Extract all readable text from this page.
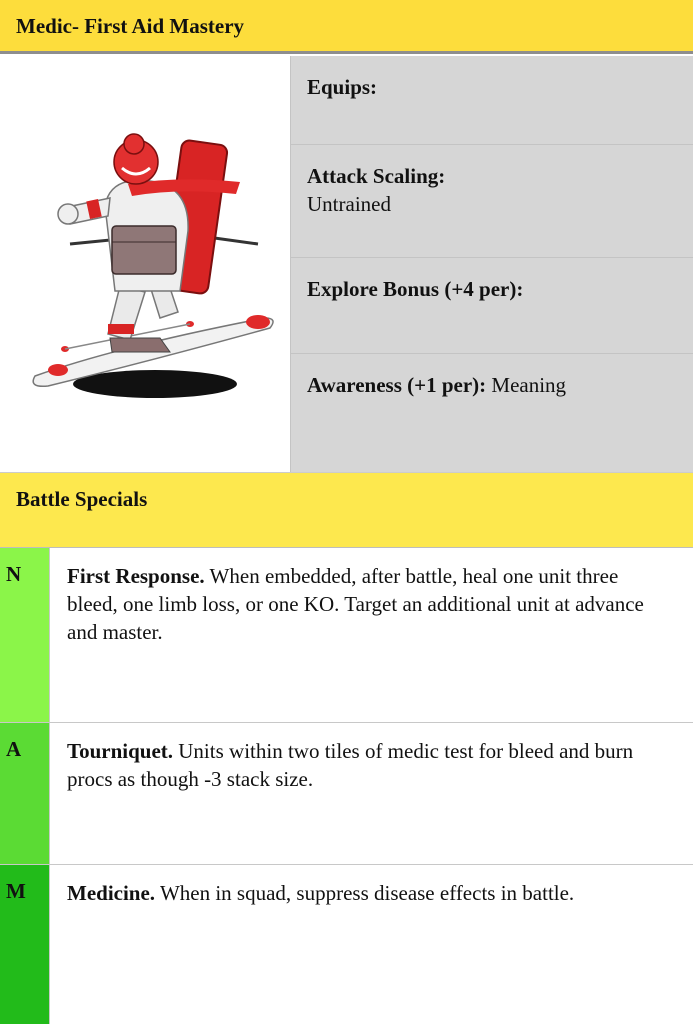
Medic- First Aid Mastery
Equips:
Attack Scaling:
Untrained
Explore Bonus (+4 per):
Awareness (+1 per): Meaning
Battle Specials
N First Response. When embedded, after battle, heal one unit three bleed, one limb loss, or one KO. Target an additional unit at advance and master.
A Tourniquet. Units within two tiles of medic test for bleed and burn procs as though -3 stack size.
M Medicine. When in squad, suppress disease effects in battle.
